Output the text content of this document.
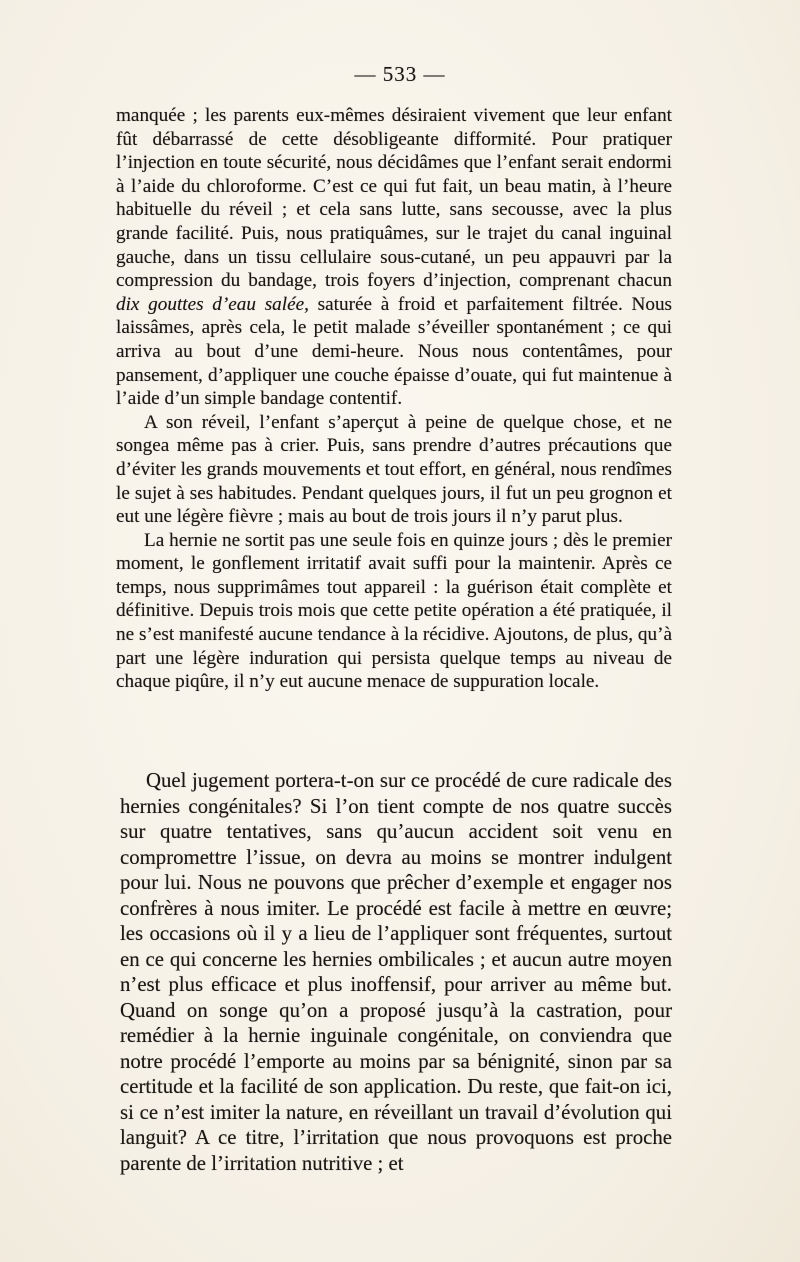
— 533 —

manquée ; les parents eux-mêmes désiraient vivement que leur enfant fût débarrassé de cette désobligeante difformité. Pour pratiquer l’injection en toute sécurité, nous décidâmes que l’enfant serait endormi à l’aide du chloroforme. C’est ce qui fut fait, un beau matin, à l’heure habituelle du réveil ; et cela sans lutte, sans secousse, avec la plus grande facilité. Puis, nous pratiquâmes, sur le trajet du canal inguinal gauche, dans un tissu cellulaire sous-cutané, un peu appauvri par la compression du bandage, trois foyers d’injection, comprenant chacun dix gouttes d’eau salée, saturée à froid et parfaitement filtrée. Nous laissâmes, après cela, le petit malade s’éveiller spontanément ; ce qui arriva au bout d’une demi-heure. Nous nous contentâmes, pour pansement, d’appliquer une couche épaisse d’ouate, qui fut maintenue à l’aide d’un simple bandage contentif.

A son réveil, l’enfant s’aperçut à peine de quelque chose, et ne songea même pas à crier. Puis, sans prendre d’autres précautions que d’éviter les grands mouvements et tout effort, en général, nous rendîmes le sujet à ses habitudes. Pendant quelques jours, il fut un peu grognon et eut une légère fièvre ; mais au bout de trois jours il n’y parut plus.

La hernie ne sortit pas une seule fois en quinze jours ; dès le premier moment, le gonflement irritatif avait suffi pour la maintenir. Après ce temps, nous supprimâmes tout appareil : la guérison était complète et définitive. Depuis trois mois que cette petite opération a été pratiquée, il ne s’est manifesté aucune tendance à la récidive. Ajoutons, de plus, qu’à part une légère induration qui persista quelque temps au niveau de chaque piqûre, il n’y eut aucune menace de suppuration locale.

Quel jugement portera-t-on sur ce procédé de cure radicale des hernies congénitales? Si l’on tient compte de nos quatre succès sur quatre tentatives, sans qu’aucun accident soit venu en compromettre l’issue, on devra au moins se montrer indulgent pour lui. Nous ne pouvons que prêcher d’exemple et engager nos confrères à nous imiter. Le procédé est facile à mettre en œuvre; les occasions où il y a lieu de l’appliquer sont fréquentes, surtout en ce qui concerne les hernies ombilicales ; et aucun autre moyen n’est plus efficace et plus inoffensif, pour arriver au même but. Quand on songe qu’on a proposé jusqu’à la castration, pour remédier à la hernie inguinale congénitale, on conviendra que notre procédé l’emporte au moins par sa bénignité, sinon par sa certitude et la facilité de son application. Du reste, que fait-on ici, si ce n’est imiter la nature, en réveillant un travail d’évolution qui languit? A ce titre, l’irritation que nous provoquons est proche parente de l’irritation nutritive ; et
